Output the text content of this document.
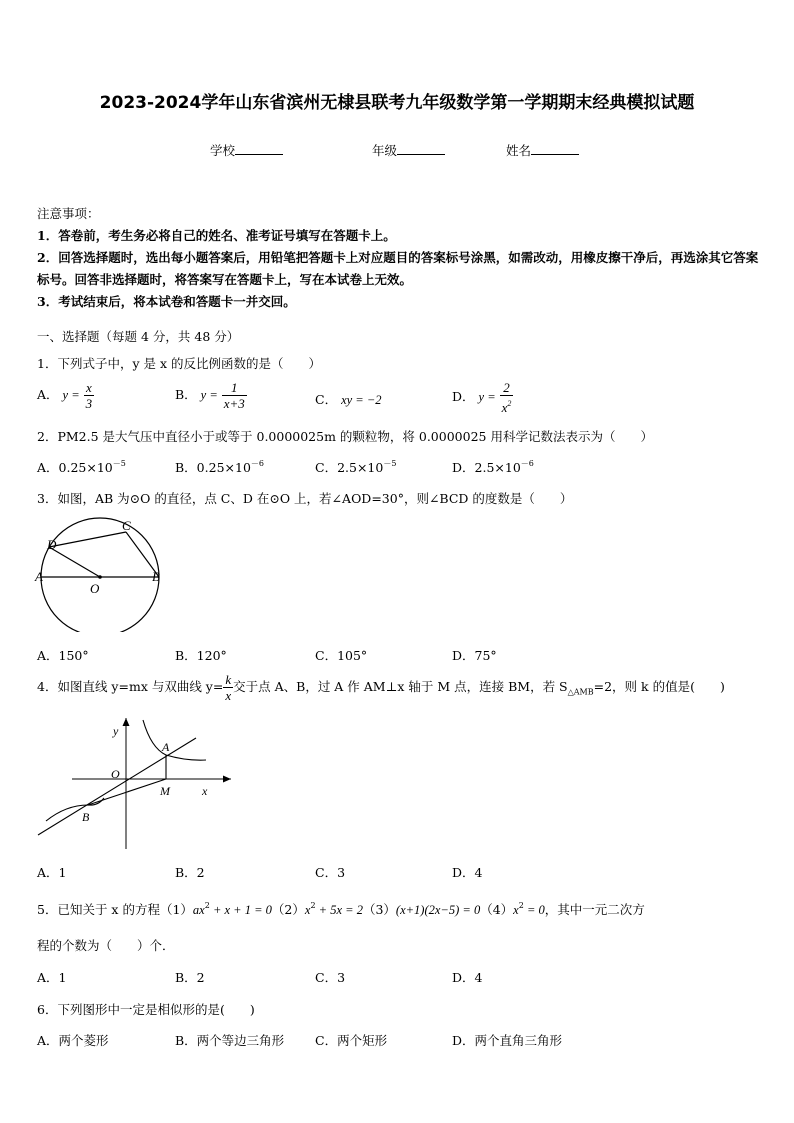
2023-2024学年山东省滨州无棣县联考九年级数学第一学期期末经典模拟试题
学校	年级	姓名
注意事项：
1．答卷前，考生务必将自己的姓名、准考证号填写在答题卡上。
2．回答选择题时，选出每小题答案后，用铅笔把答题卡上对应题目的答案标号涂黑，如需改动，用橡皮擦干净后，再选涂其它答案标号。回答非选择题时，将答案写在答题卡上，写在本试卷上无效。
3．考试结束后，将本试卷和答题卡一并交回。
一、选择题（每题 4 分，共 48 分）
1．下列式子中，y 是 x 的反比例函数的是（　　）
A． $y = \frac{x}{3}$	B． $y = \frac{1}{x+3}$	C． xy = −2	D． $y = \frac{2}{x^2}$
2．PM2.5 是大气压中直径小于或等于 0.0000025m 的颗粒物，将 0.0000025 用科学记数法表示为（　　）
A．$0.25\times 10^{-5}$	B．$0.25\times 10^{-6}$	C．$2.5\times 10^{-5}$	D．$2.5\times 10^{-6}$
3．如图，AB 为⊙O 的直径，点 C、D 在⊙O 上，若∠AOD=30°，则∠BCD 的度数是（　　）
A	B
C
D
O
A．150°	B．120°	C．105°	D．75°
4．如图直线 y=mx 与双曲线 $y= \frac{k}{x}$ 交于点 A、B，过 A 作 AM⊥x 轴于 M 点，连接 BM，若 $S_{\triangle AMB}=2$，则 k 的值是(　　)
y
x
O
A
B
M
A．1	B．2	C．3	D．4
5．已知关于 x 的方程$(1)ax^2 + x + 1 = 0(2)x^2 + 5x = 2(3)(x+1)(2x-5) = 0(4)x^2 = 0$，其中一元二次方
程的个数为（　　）个．
A．1	B．2	C．3	D．4
6．下列图形中一定是相似形的是(　　)
A．两个菱形	B．两个等边三角形 C．两个矩形	D．两个直角三角形
